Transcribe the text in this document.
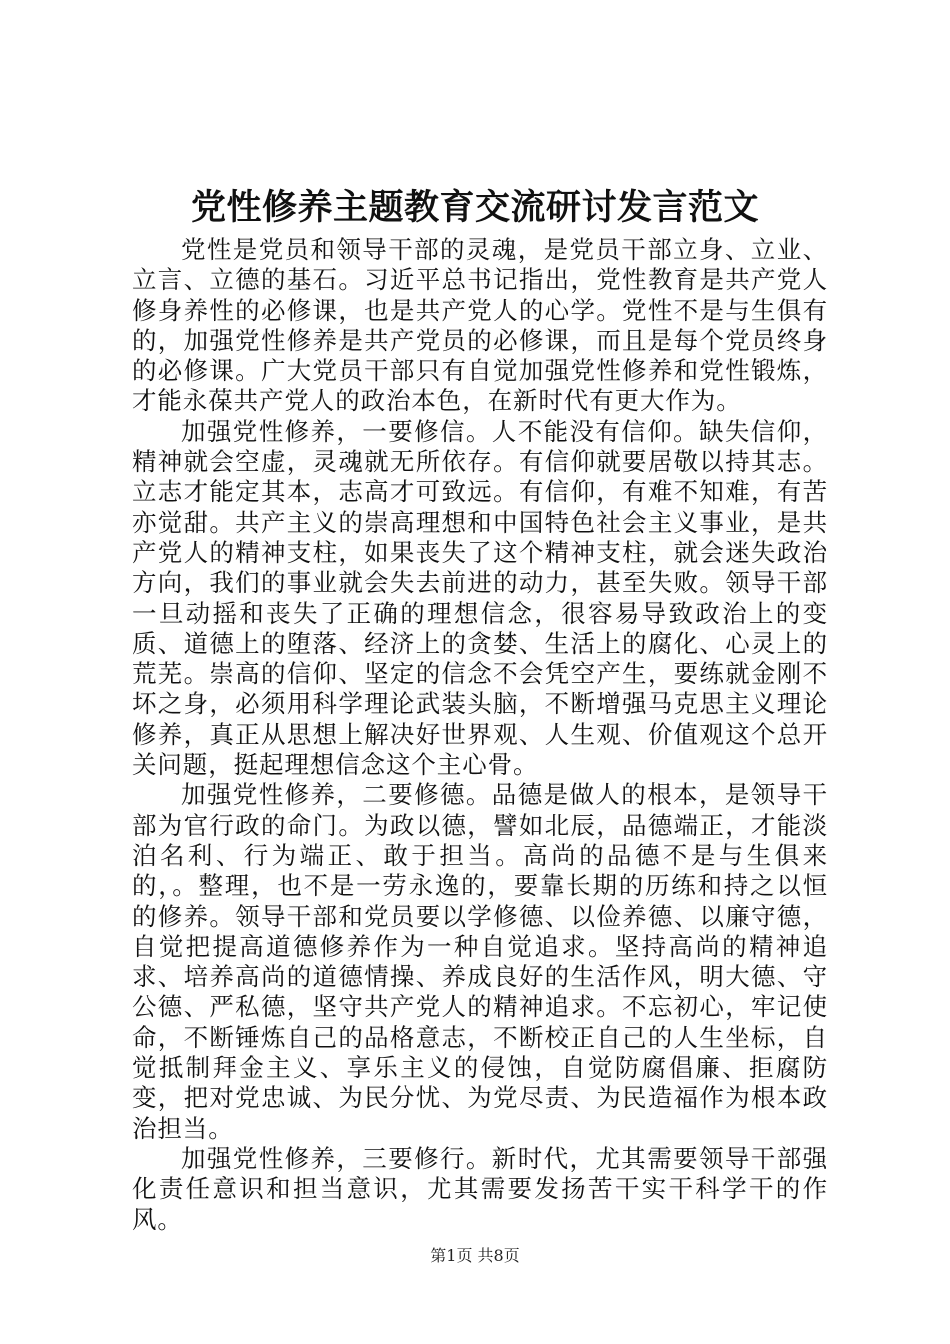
党性修养主题教育交流研讨发言范文

党性是党员和领导干部的灵魂，是党员干部立身、立业、立言、立德的基石。习近平总书记指出，党性教育是共产党人修身养性的必修课，也是共产党人的心学。党性不是与生俱有的，加强党性修养是共产党员的必修课，而且是每个党员终身的必修课。广大党员干部只有自觉加强党性修养和党性锻炼，才能永葆共产党人的政治本色，在新时代有更大作为。

加强党性修养，一要修信。人不能没有信仰。缺失信仰，精神就会空虚，灵魂就无所依存。有信仰就要居敬以持其志。立志才能定其本，志高才可致远。有信仰，有难不知难，有苦亦觉甜。共产主义的崇高理想和中国特色社会主义事业，是共产党人的精神支柱，如果丧失了这个精神支柱，就会迷失政治方向，我们的事业就会失去前进的动力，甚至失败。领导干部一旦动摇和丧失了正确的理想信念，很容易导致政治上的变质、道德上的堕落、经济上的贪婪、生活上的腐化、心灵上的荒芜。崇高的信仰、坚定的信念不会凭空产生，要练就金刚不坏之身，必须用科学理论武装头脑，不断增强马克思主义理论修养，真正从思想上解决好世界观、人生观、价值观这个总开关问题，挺起理想信念这个主心骨。

加强党性修养，二要修德。品德是做人的根本，是领导干部为官行政的命门。为政以德，譬如北辰，品德端正，才能淡泊名利、行为端正、敢于担当。高尚的品德不是与生俱来的，。整理，也不是一劳永逸的，要靠长期的历练和持之以恒的修养。领导干部和党员要以学修德、以俭养德、以廉守德，自觉把提高道德修养作为一种自觉追求。坚持高尚的精神追求、培养高尚的道德情操、养成良好的生活作风，明大德、守公德、严私德，坚守共产党人的精神追求。不忘初心，牢记使命，不断锤炼自己的品格意志，不断校正自己的人生坐标，自觉抵制拜金主义、享乐主义的侵蚀，自觉防腐倡廉、拒腐防变，把对党忠诚、为民分忧、为党尽责、为民造福作为根本政治担当。

加强党性修养，三要修行。新时代，尤其需要领导干部强化责任意识和担当意识，尤其需要发扬苦干实干科学干的作风。

第1页 共8页
